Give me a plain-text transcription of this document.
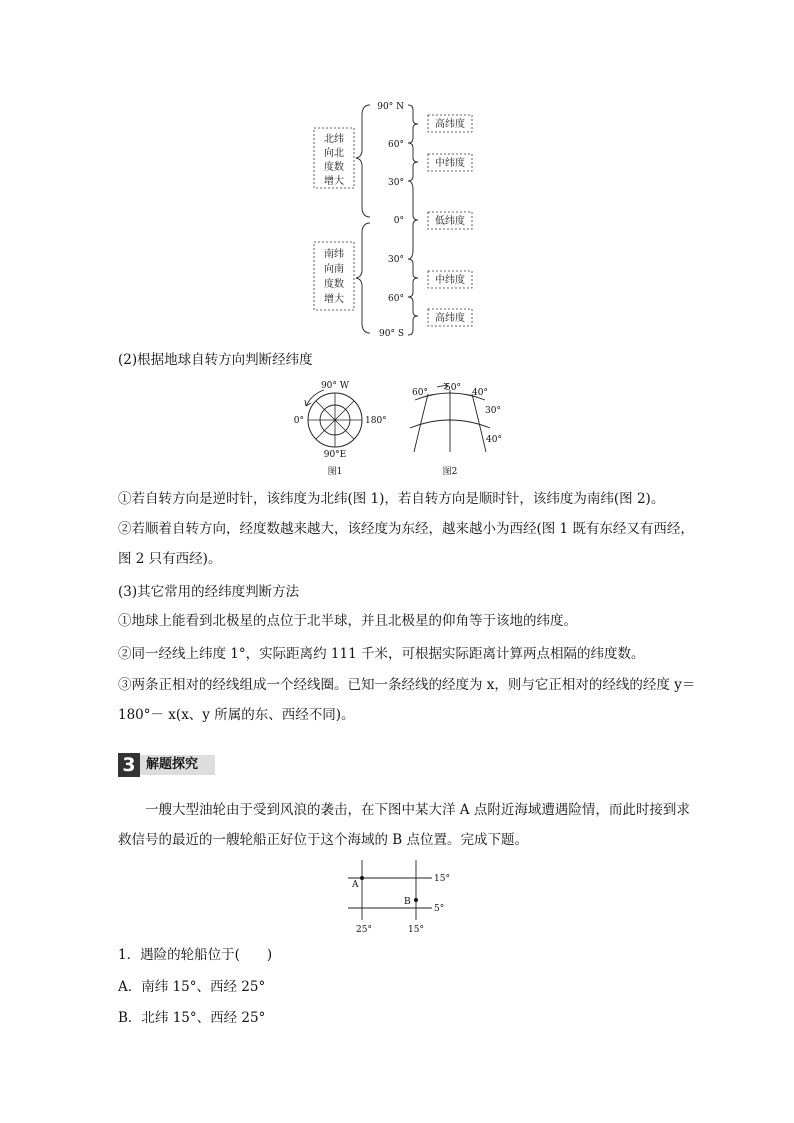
北纬
向北
度数
增大
南纬
向南
度数
增大
90° N
60°
30°
0°
30°
60°
90° S
高纬度
中纬度
低纬度
中纬度
高纬度
(2)根据地球自转方向判断经纬度
90° W
0°	180°
90°E
图1
60° 50° 40°
30°
40°
图2
①若自转方向是逆时针，该纬度为北纬(图 1)，若自转方向是顺时针，该纬度为南纬(图 2)。
②若顺着自转方向，经度数越来越大，该经度为东经，越来越小为西经(图 1 既有东经又有西经，图 2 只有西经)。
(3)其它常用的经纬度判断方法
①地球上能看到北极星的点位于北半球，并且北极星的仰角等于该地的纬度。
②同一经线上纬度 1°，实际距离约 111 千米，可根据实际距离计算两点相隔的纬度数。
③两条正相对的经线组成一个经线圈。已知一条经线的经度为 x，则与它正相对的经线的经度 y＝180°－ x(x、y 所属的东、西经不同)。
3 解题探究
一艘大型油轮由于受到风浪的袭击，在下图中某大洋 A 点附近海域遭遇险情，而此时接到求救信号的最近的一艘轮船正好位于这个海域的 B 点位置。完成下题。
A
B
15°
5°
25°	15°
1．遇险的轮船位于(　　)
A．南纬 15°、西经 25°
B．北纬 15°、西经 25°
